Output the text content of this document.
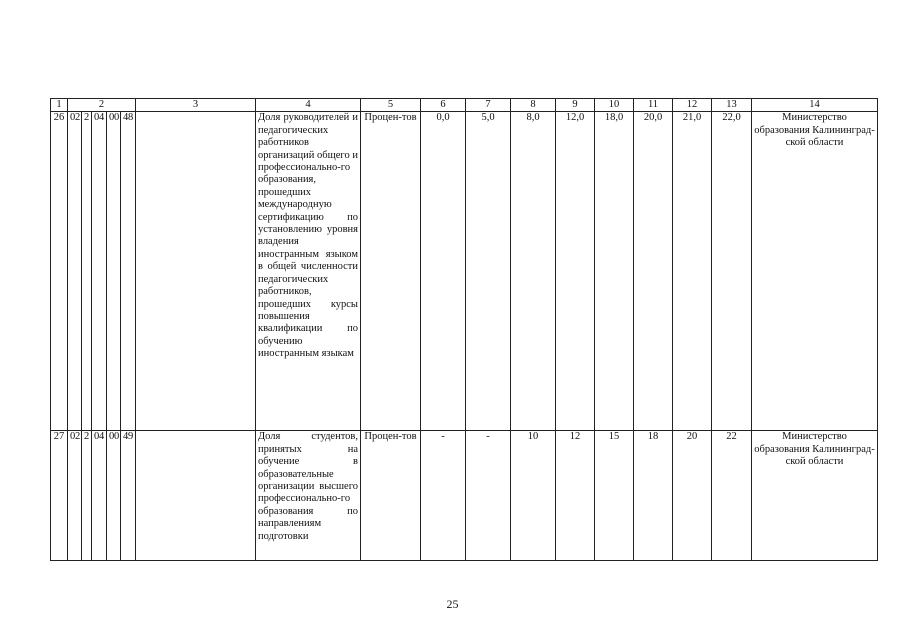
1	2					3	4	5	6	7	8	9	10	11	12	13	14
26	02	2	04	00	48		Доля руководителей и педагогических работников организаций общего и профессионально-го образования, прошедших международную сертификацию по установлению уровня владения иностранным языком в общей численности педагогических работников, прошедших курсы повышения квалификации по обучению иностранным языкам	Процен-тов	0,0	5,0	8,0	12,0	18,0	20,0	21,0	22,0	Министерство образования Калининград-ской области
27	02	2	04	00	49		Доля студентов, принятых на обучение в образовательные организации высшего профессионально-го образования по направлениям подготовки	Процен-тов	-	-	10	12	15	18	20	22	Министерство образования Калининград-ской области
25
